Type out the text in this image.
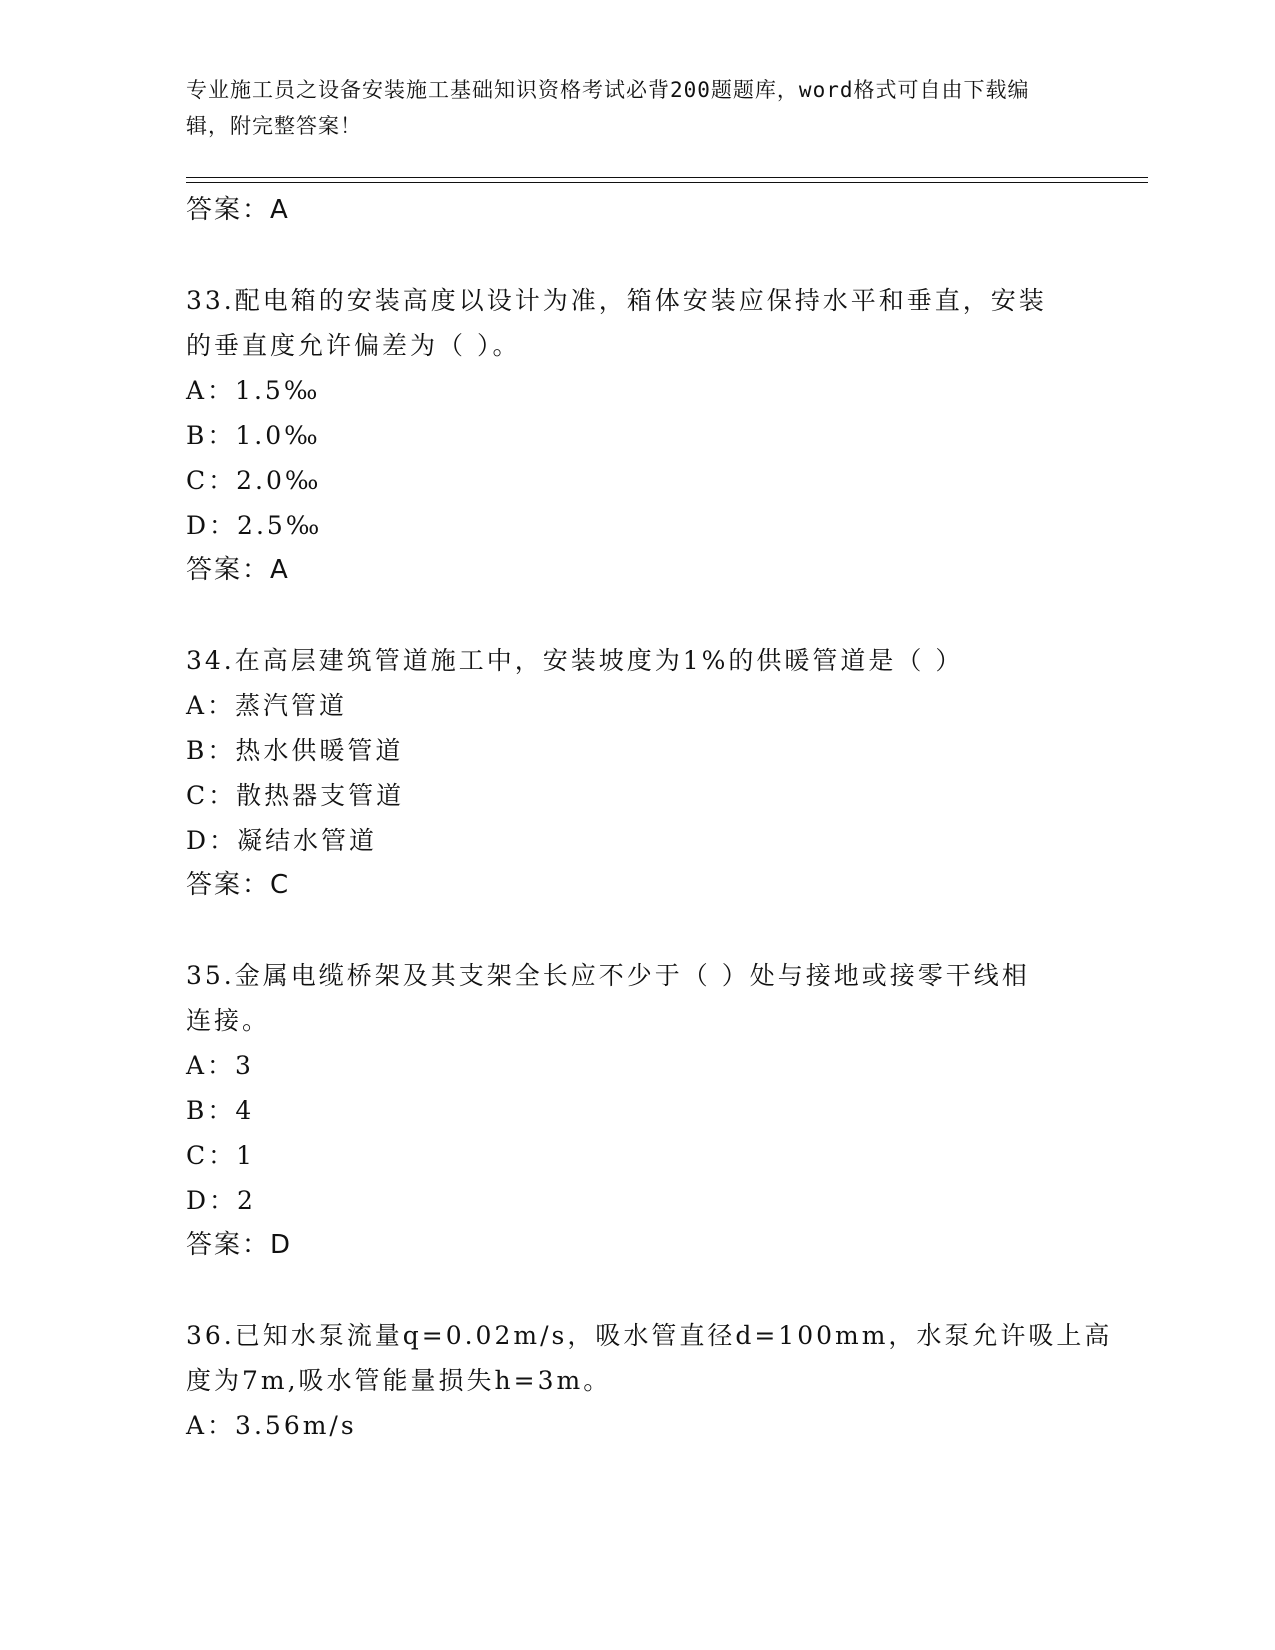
专业施工员之设备安装施工基础知识资格考试必背200题题库，word格式可自由下载编辑，附完整答案！
答案：A
33.配电箱的安装高度以设计为准，箱体安装应保持水平和垂直，安装
的垂直度允许偏差为（ ）。
A：1.5‰
B：1.0‰
C：2.0‰
D：2.5‰
答案：A
34.在高层建筑管道施工中，安装坡度为1%的供暖管道是（ ）
A：蒸汽管道
B：热水供暖管道
C：散热器支管道
D：凝结水管道
答案：C
35.金属电缆桥架及其支架全长应不少于（ ）处与接地或接零干线相
连接。
A：3
B：4
C：1
D：2
答案：D
36.已知水泵流量q=0.02m/s，吸水管直径d=100mm，水泵允许吸上高
度为7m,吸水管能量损失h=3m。
A：3.56m/s
